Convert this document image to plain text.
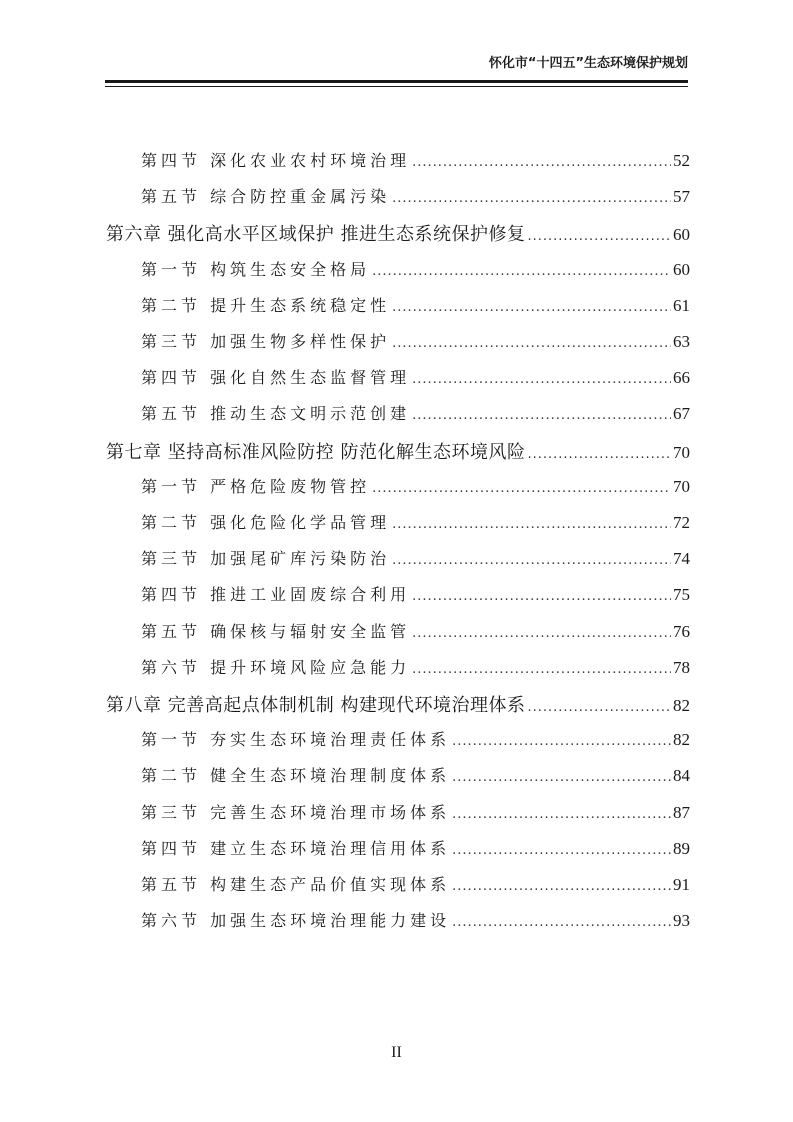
怀化市“十四五”生态环境保护规划
第四节 深化农业农村环境治理 .....	52
第五节 综合防控重金属污染 .....	57
第六章 强化高水平区域保护 推进生态系统保护修复 .....	60
第一节 构筑生态安全格局 .....	60
第二节 提升生态系统稳定性 .....	61
第三节 加强生物多样性保护 .....	63
第四节 强化自然生态监督管理 .....	66
第五节 推动生态文明示范创建 .....	67
第七章 坚持高标准风险防控 防范化解生态环境风险 .....	70
第一节 严格危险废物管控 .....	70
第二节 强化危险化学品管理 .....	72
第三节 加强尾矿库污染防治 .....	74
第四节 推进工业固废综合利用 .....	75
第五节 确保核与辐射安全监管 .....	76
第六节 提升环境风险应急能力 .....	78
第八章 完善高起点体制机制 构建现代环境治理体系 .....	82
第一节 夯实生态环境治理责任体系 .....	82
第二节 健全生态环境治理制度体系 .....	84
第三节 完善生态环境治理市场体系 .....	87
第四节 建立生态环境治理信用体系 .....	89
第五节 构建生态产品价值实现体系 .....	91
第六节 加强生态环境治理能力建设 .....	93
II
